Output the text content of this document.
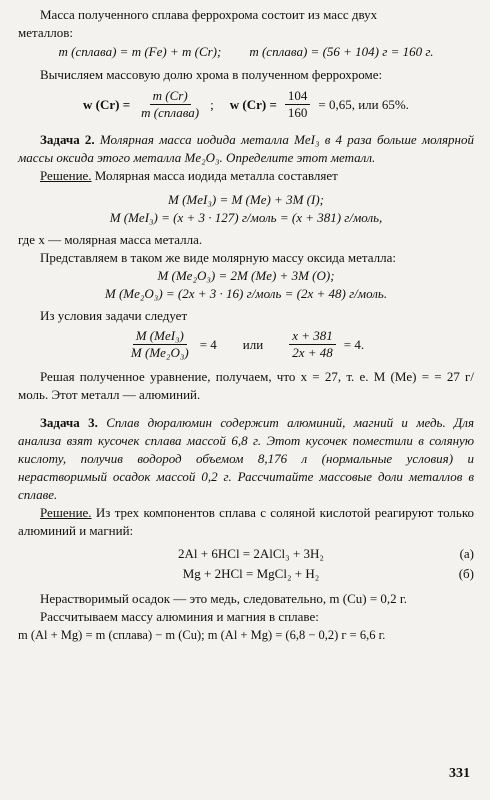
Масса полученного сплава феррохрома состоит из масс двух

металлов:

m (сплава) = m (Fe) + m (Cr); m (сплава) = (56 + 104) г = 160 г.

Вычисляем массовую долю хрома в полученном феррохроме:

w $(Cr) = \frac{m (Cr)}{\text{m (сплава)}}$ ; w $(Cr) = \frac{104}{160} = 0,65$, или 65%.

Задача 2. Молярная масса иодида металла MeI₃ в 4 раза больше молярной массы оксида этого металла Me₂O₃. Определите этот металл.

Решение. Молярная масса иодида металла составляет

M (MeI₃) = M (Me) + 3M (I);

M (MeI₃) = (x + 3 · 127) г/моль = (x + 381) г/моль,

где x — молярная масса металла.

Представляем в таком же виде молярную массу оксида металла:

M (Me₂O₃) = 2M (Me) + 3M (O);

M (Me₂O₃) = (2x + 3 · 16) г/моль = (2x + 48) г/моль.

Из условия задачи следует

$\frac{\text{M (MeI₃)}}{\text{M (Me₂O₃)}} = 4$ или $\frac{x + 381}{2x + 48} = 4$.

Решая полученное уравнение, получаем, что x = 27, т. е. M (Me) = = 27 г/моль. Этот металл — алюминий.

Задача 3. Сплав дюралюмин содержит алюминий, магний и медь. Для анализа взят кусочек сплава массой 6,8 г. Этот кусочек поместили в соляную кислоту, получив водород объемом 8,176 л (нормальные условия) и нерастворимый осадок массой 0,2 г. Рассчитайте массовые доли металлов в сплаве.

Решение. Из трех компонентов сплава с соляной кислотой реагируют только алюминий и магний:

2Al + 6HCl = 2AlCl₃ + 3H₂	(а)
Mg + 2HCl = MgCl₂ + H₂	(б)

Нерастворимый осадок — это медь, следовательно, m (Cu) = 0,2 г.

Рассчитываем массу алюминия и магния в сплаве:

m (Al + Mg) = m (сплава) − m (Cu); m (Al + Mg) = (6,8 − 0,2) г = 6,6 г.

331
